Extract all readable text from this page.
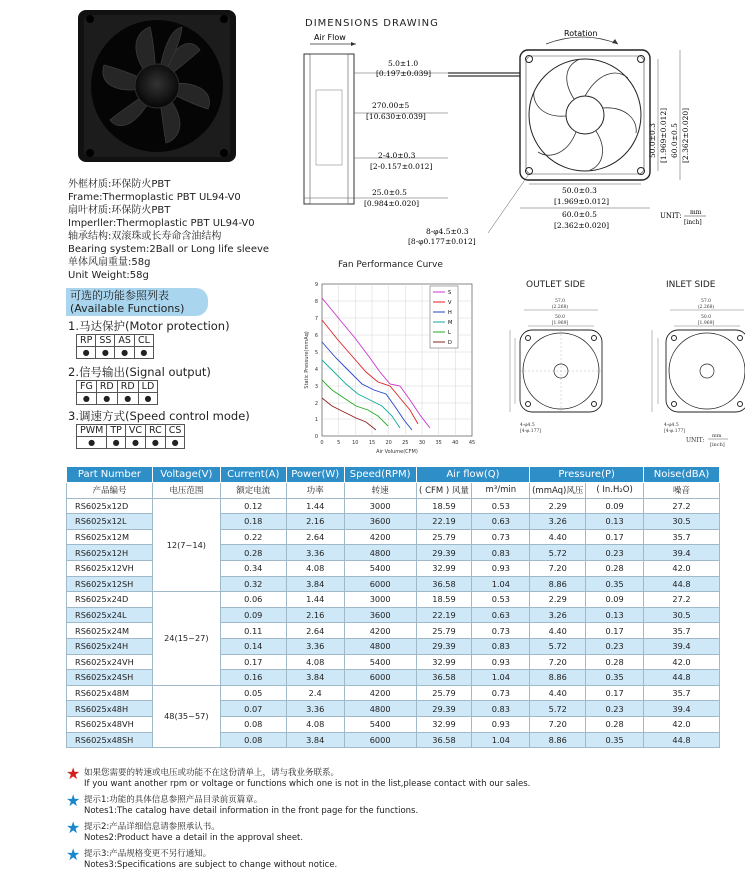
外框材质:环保防火PBT
Frame:Thermoplastic PBT UL94-V0
扇叶材质:环保防火PBT
Imperller:Thermoplastic PBT UL94-V0
轴承结构:双滚珠或长寿命含油结构
Bearing system:2Ball or Long life sleeve
单体风扇重量:58g
Unit Weight:58g
可选的功能参照列表
(Available Functions)
1.马达保护(Motor protection)
RP	SS	AS	CL
●	●	●	●
2.信号输出(Signal output)
FG	RD	RD	LD
●	●	●	●
3.调速方式(Speed control mode)
PWM	TP	VC	RC	CS
●	●	●	●	●
DIMENSIONS DRAWING
Air Flow
5.0±1.0
[0.197±0.039]
270.00±5
[10.630±0.039]
2-4.0±0.3
[2-0.157±0.012]
25.0±0.5
[0.984±0.020]
Rotation
50.0±0.3 [1.969±0.012] 60.0±0.5 [2.362±0.020]
50.0±0.3
[1.969±0.012]
60.0±0.5
[2.362±0.020]
8-φ4.5±0.3
[8-φ0.177±0.012]
UNIT: mm
[inch]
Fan Performance Curve
0	5 10 15 20 25 30 35 40 45
0
1
2
3
4
5
6
7
8
9
Air Volume(CFM)
Static Pressure(mmAq)
S
V
H
M
L
D
OUTLET SIDE
57.0
(2.268)
50.0
[1.969]
4-φ4.5
[4-φ.177]
INLET SIDE
57.0
(2.268)
50.0
[1.969]
4-φ4.5
[4-φ.177]
UNIT:
mm
[inch]
Part Number	Voltage(V)	Current(A)	Power(W)	Speed(RPM)	Air flow(Q)		Pressure(P)		Noise(dBA)
产品编号	电压范围	额定电流	功率	转速	( CFM ) 风量	m³/min	(mmAq)风压	( In.H₂O)	噪音
RS6025x12D	12(7~14)	0.12	1.44	3000	18.59	0.53	2.29	0.09	27.2
RS6025x12L		0.18	2.16	3600	22.19	0.63	3.26	0.13	30.5
RS6025x12M		0.22	2.64	4200	25.79	0.73	4.40	0.17	35.7
RS6025x12H		0.28	3.36	4800	29.39	0.83	5.72	0.23	39.4
RS6025x12VH		0.34	4.08	5400	32.99	0.93	7.20	0.28	42.0
RS6025x12SH		0.32	3.84	6000	36.58	1.04	8.86	0.35	44.8
RS6025x24D	24(15~27)	0.06	1.44	3000	18.59	0.53	2.29	0.09	27.2
RS6025x24L		0.09	2.16	3600	22.19	0.63	3.26	0.13	30.5
RS6025x24M		0.11	2.64	4200	25.79	0.73	4.40	0.17	35.7
RS6025x24H		0.14	3.36	4800	29.39	0.83	5.72	0.23	39.4
RS6025x24VH		0.17	4.08	5400	32.99	0.93	7.20	0.28	42.0
RS6025x24SH		0.16	3.84	6000	36.58	1.04	8.86	0.35	44.8
RS6025x48M	48(35~57)	0.05	2.4	4200	25.79	0.73	4.40	0.17	35.7
RS6025x48H		0.07	3.36	4800	29.39	0.83	5.72	0.23	39.4
RS6025x48VH		0.08	4.08	5400	32.99	0.93	7.20	0.28	42.0
RS6025x48SH		0.08	3.84	6000	36.58	1.04	8.86	0.35	44.8
★ 如果您需要的转速或电压或功能不在这份清单上，请与我业务联系。
If you want another rpm or voltage or functions which one is not in the list,please contact with our sales.
★ 提示1:功能的具体信息参照产品目录前页篇章。
Notes1:The catalog have detail information in the front page for the functions.
★ 提示2:产品详细信息请参照承认书。
Notes2:Product have a detail in the approval sheet.
★ 提示3:产品规格变更不另行通知。
Notes3:Specifications are subject to change without notice.
